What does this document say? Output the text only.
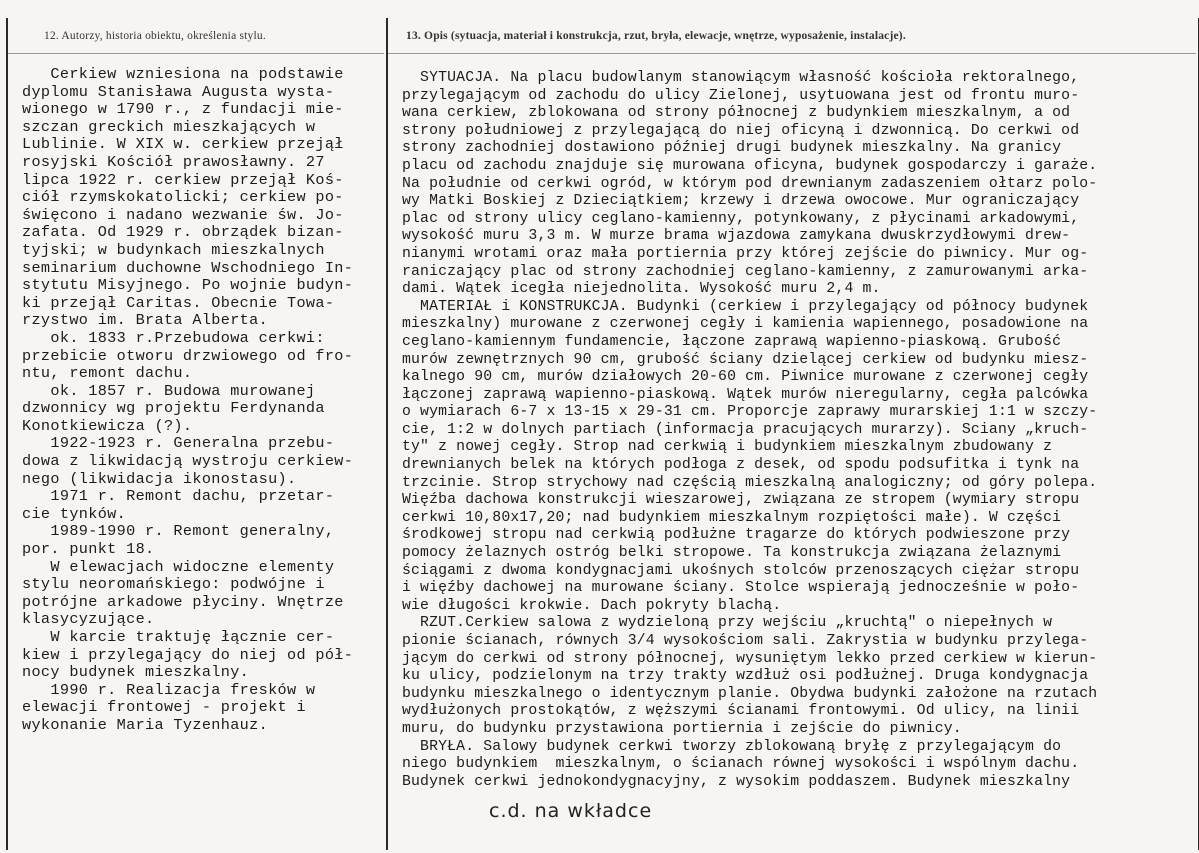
12. Autorzy, historia obiektu, określenia stylu.	13. Opis (sytuacja, materiał i konstrukcja, rzut, bryła, elewacje, wnętrze, wyposażenie, instalacje).

Cerkiew wzniesiona na podstawie

dyplomu Stanisława Augusta wysta-

wionego w 1790 r., z fundacji mie-

szczan greckich mieszkających w

Lublinie. W XIX w. cerkiew przejął

rosyjski Kościół prawosławny. 27

lipca 1922 r. cerkiew przejął Koś-

ciół rzymskokatolicki; cerkiew po-

święcono i nadano wezwanie św. Jo-

zafata. Od 1929 r. obrządek bizan-

tyjski; w budynkach mieszkalnych

seminarium duchowne Wschodniego In-

stytutu Misyjnego. Po wojnie budyn-

ki przejął Caritas. Obecnie Towa-

rzystwo im. Brata Alberta.

ok. 1833 r.Przebudowa cerkwi:

przebicie otworu drzwiowego od fro-

ntu, remont dachu.

ok. 1857 r. Budowa murowanej

dzwonnicy wg projektu Ferdynanda

Konotkiewicza (?).

1922-1923 r. Generalna przebu-

dowa z likwidacją wystroju cerkiew-

nego (likwidacja ikonostasu).

1971 r. Remont dachu, przetar-

cie tynków.

1989-1990 r. Remont generalny,

por. punkt 18.

W elewacjach widoczne elementy

stylu neoromańskiego: podwójne i

potrójne arkadowe płyciny. Wnętrze

klasycyzujące.

W karcie traktuję łącznie cer-

kiew i przylegający do niej od pół-

nocy budynek mieszkalny.

1990 r. Realizacja fresków w

elewacji frontowej - projekt i

wykonanie Maria Tyzenhauz.

SYTUACJA. Na placu budowlanym stanowiącym własność kościoła rektoralnego,

przylegającym od zachodu do ulicy Zielonej, usytuowana jest od frontu muro-

wana cerkiew, zblokowana od strony północnej z budynkiem mieszkalnym, a od

strony południowej z przylegającą do niej oficyną i dzwonnicą. Do cerkwi od

strony zachodniej dostawiono później drugi budynek mieszkalny. Na granicy

placu od zachodu znajduje się murowana oficyna, budynek gospodarczy i garaże.

Na południe od cerkwi ogród, w którym pod drewnianym zadaszeniem ołtarz polo-

wy Matki Boskiej z Dzieciątkiem; krzewy i drzewa owocowe. Mur ograniczający

plac od strony ulicy ceglano-kamienny, potynkowany, z płycinami arkadowymi,

wysokość muru 3,3 m. W murze brama wjazdowa zamykana dwuskrzydłowymi drew-

nianymi wrotami oraz mała portiernia przy której zejście do piwnicy. Mur og-

raniczający plac od strony zachodniej ceglano-kamienny, z zamurowanymi arka-

dami. Wątek icegła niejednolita. Wysokość muru 2,4 m.

MATERIAŁ i KONSTRUKCJA. Budynki (cerkiew i przylegający od północy budynek

mieszkalny) murowane z czerwonej cegły i kamienia wapiennego, posadowione na

ceglano-kamiennym fundamencie, łączone zaprawą wapienno-piaskową. Grubość

murów zewnętrznych 90 cm, grubość ściany dzielącej cerkiew od budynku miesz-

kalnego 90 cm, murów działowych 20-60 cm. Piwnice murowane z czerwonej cegły

łączonej zaprawą wapienno-piaskową. Wątek murów nieregularny, cegła palcówka

o wymiarach 6-7 x 13-15 x 29-31 cm. Proporcje zaprawy murarskiej 1:1 w szczy-

cie, 1:2 w dolnych partiach (informacja pracujących murarzy). Sciany „kruch-

ty" z nowej cegły. Strop nad cerkwią i budynkiem mieszkalnym zbudowany z

drewnianych belek na których podłoga z desek, od spodu podsufitka i tynk na

trzcinie. Strop strychowy nad częścią mieszkalną analogiczny; od góry polepa.

Więźba dachowa konstrukcji wieszarowej, związana ze stropem (wymiary stropu

cerkwi 10,80x17,20; nad budynkiem mieszkalnym rozpiętości małe). W części

środkowej stropu nad cerkwią podłużne tragarze do których podwieszone przy

pomocy żelaznych ostróg belki stropowe. Ta konstrukcja związana żelaznymi

ściągami z dwoma kondygnacjami ukośnych stolców przenoszących ciężar stropu

i więźby dachowej na murowane ściany. Stolce wspierają jednocześnie w poło-

wie długości krokwie. Dach pokryty blachą.

RZUT.Cerkiew salowa z wydzieloną przy wejściu „kruchtą" o niepełnych w

pionie ścianach, równych 3/4 wysokościom sali. Zakrystia w budynku przylega-

jącym do cerkwi od strony północnej, wysuniętym lekko przed cerkiew w kierun-

ku ulicy, podzielonym na trzy trakty wzdłuż osi podłużnej. Druga kondygnacja

budynku mieszkalnego o identycznym planie. Obydwa budynki założone na rzutach

wydłużonych prostokątów, z węższymi ścianami frontowymi. Od ulicy, na linii

muru, do budynku przystawiona portiernia i zejście do piwnicy.

BRYŁA. Salowy budynek cerkwi tworzy zblokowaną bryłę z przylegającym do

niego budynkiem  mieszkalnym, o ścianach równej wysokości i wspólnym dachu.

Budynek cerkwi jednokondygnacyjny, z wysokim poddaszem. Budynek mieszkalny

c.d. na wkładce
